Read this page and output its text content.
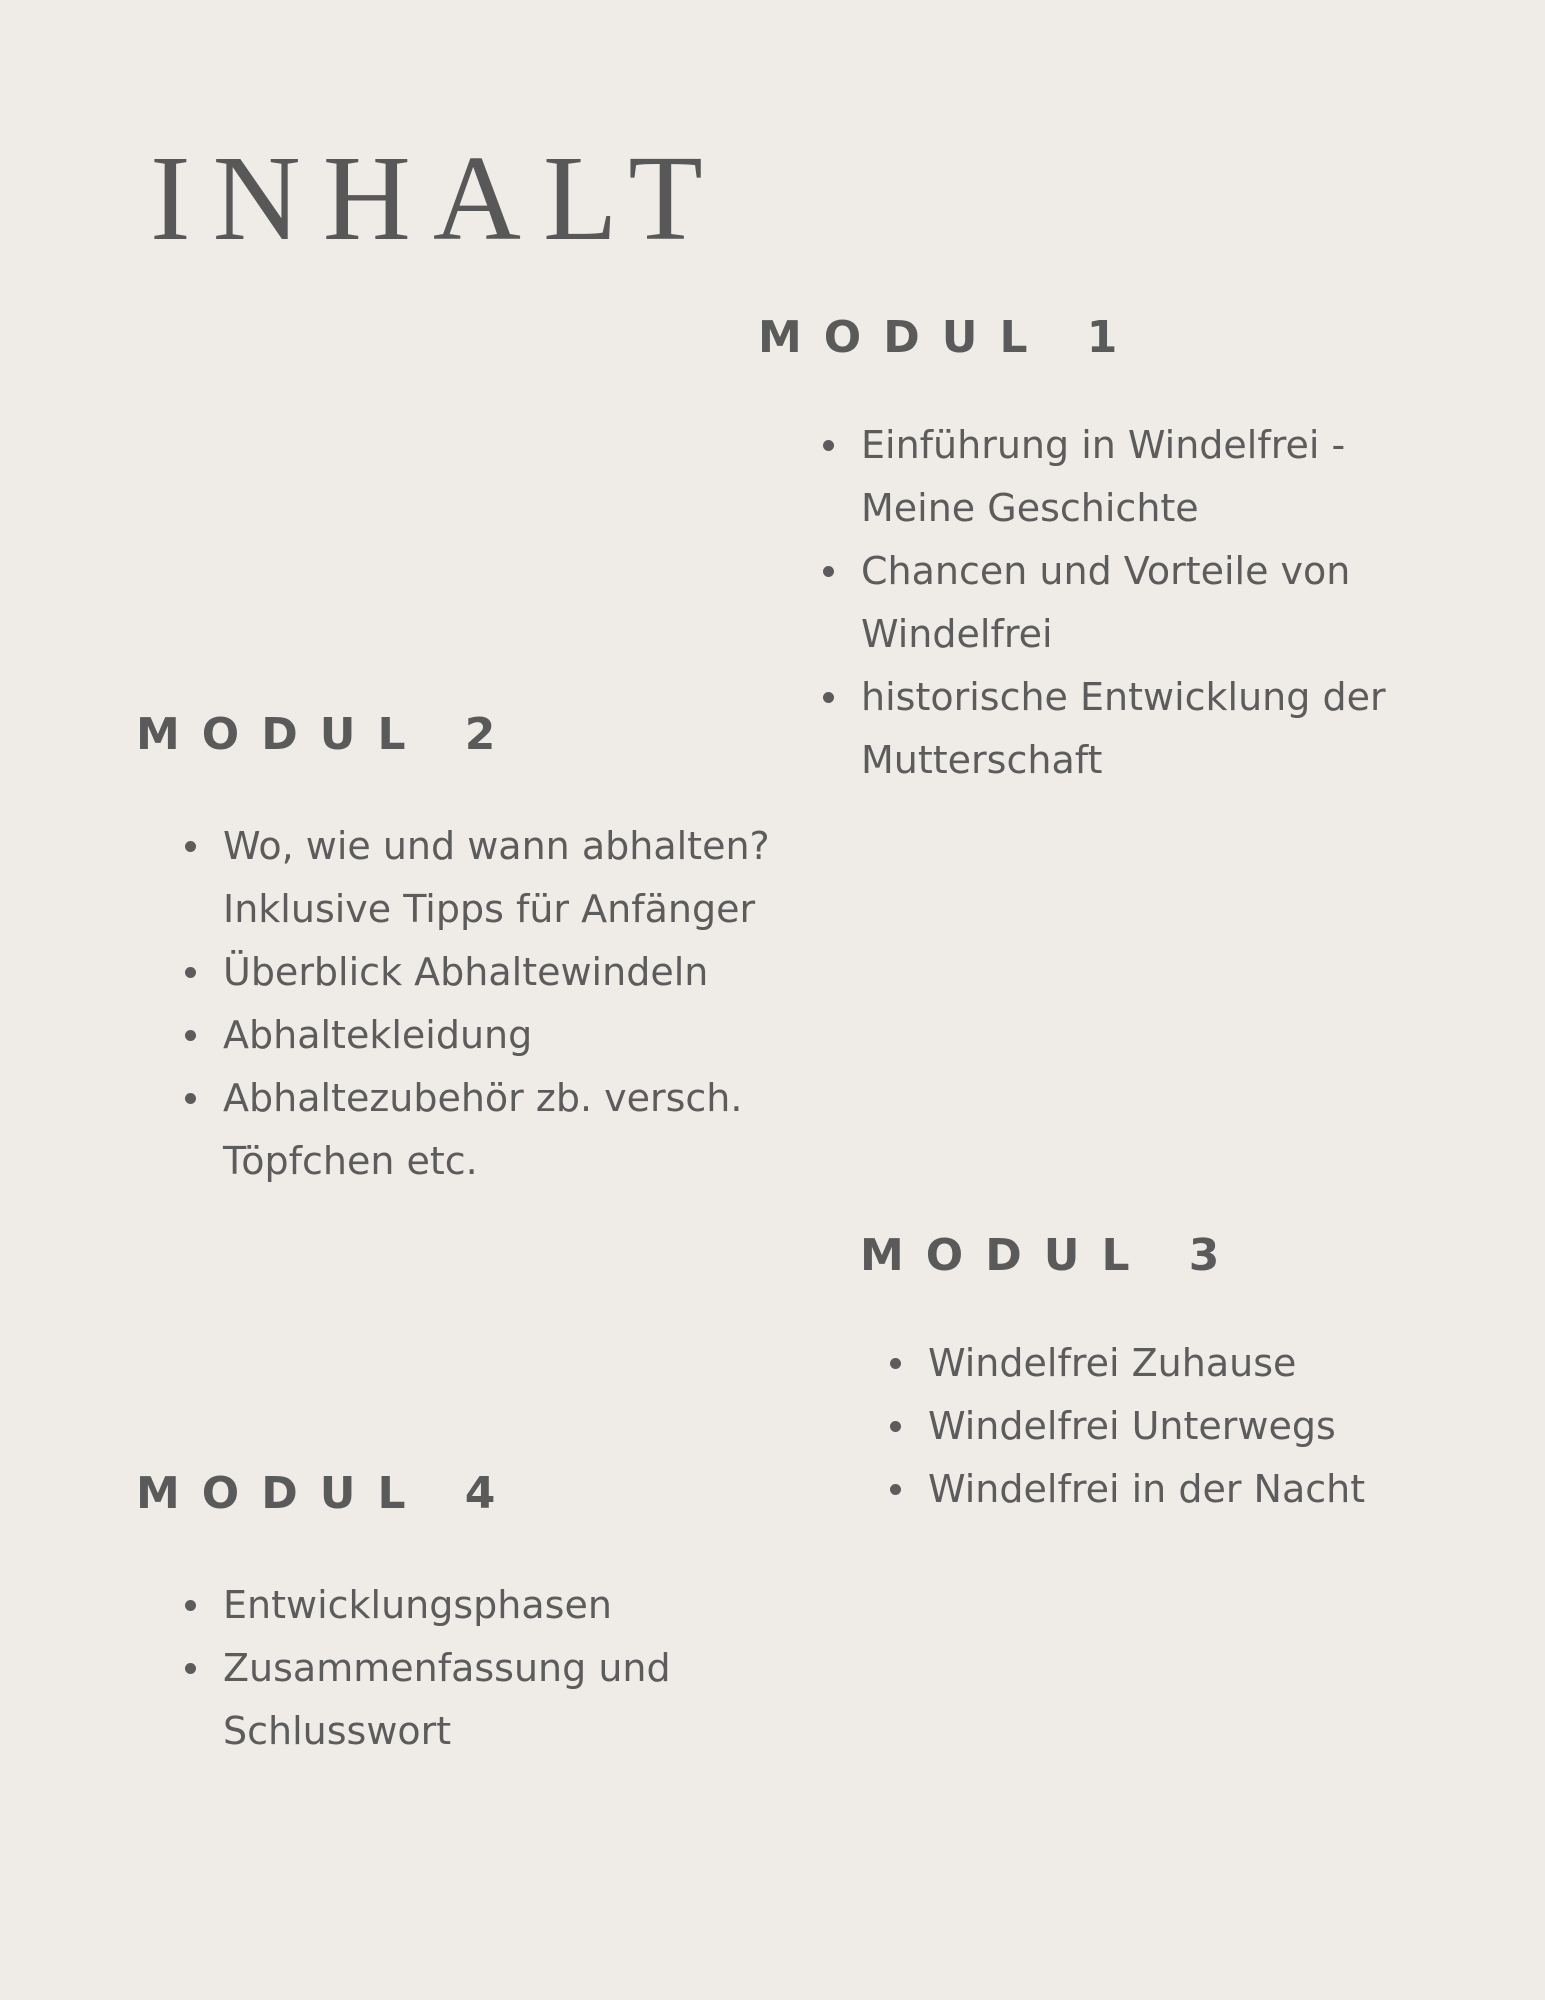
INHALT
MODUL 1
Einführung in Windelfrei - Meine Geschichte
Chancen und Vorteile von Windelfrei
historische Entwicklung der Mutterschaft
MODUL 2
Wo, wie und wann abhalten? Inklusive Tipps für Anfänger
Überblick Abhaltewindeln
Abhaltekleidung
Abhaltezubehör zb. versch. Töpfchen etc.
MODUL 3
Windelfrei Zuhause
Windelfrei Unterwegs
Windelfrei in der Nacht
MODUL 4
Entwicklungsphasen
Zusammenfassung und Schlusswort
